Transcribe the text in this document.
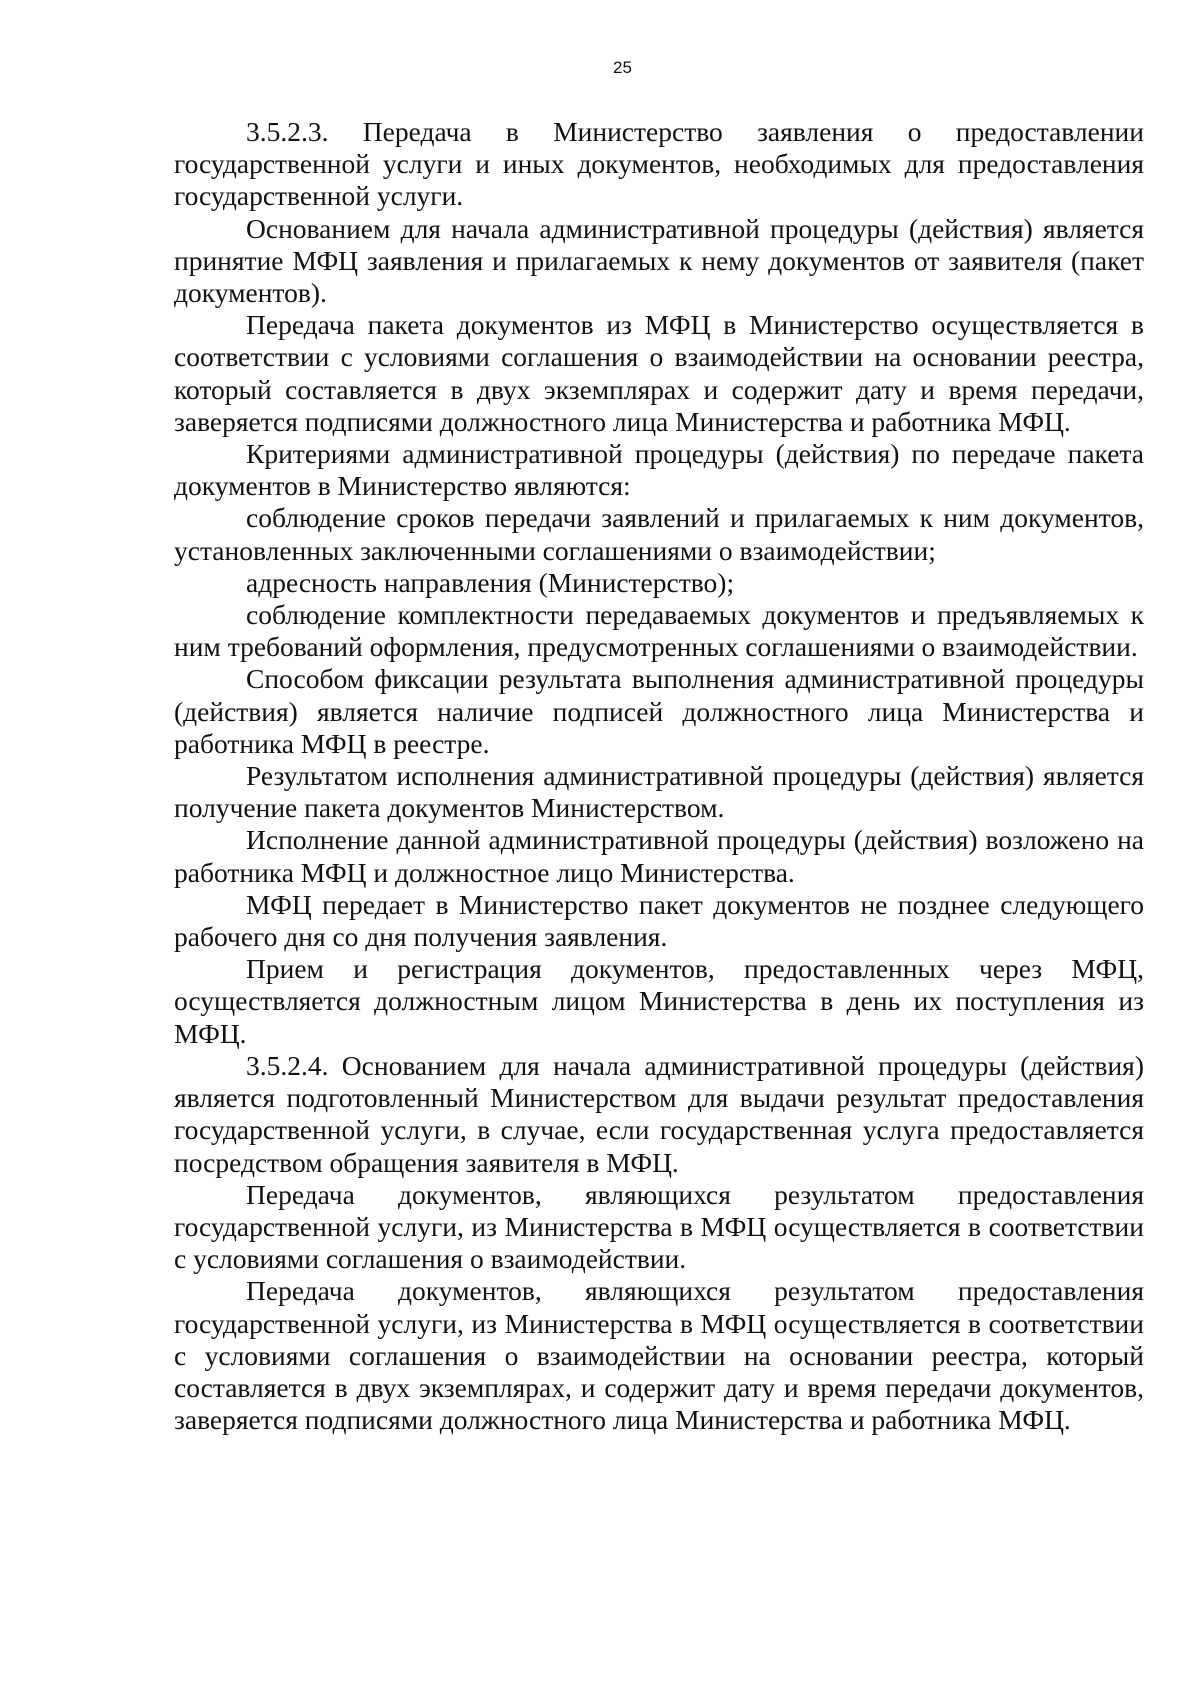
25

3.5.2.3. Передача в Министерство заявления о предоставлении государственной услуги и иных документов, необходимых для предоставления государственной услуги.

Основанием для начала административной процедуры (действия) является принятие МФЦ заявления и прилагаемых к нему документов от заявителя (пакет документов).

Передача пакета документов из МФЦ в Министерство осуществляется в соответствии с условиями соглашения о взаимодействии на основании реестра, который составляется в двух экземплярах и содержит дату и время передачи, заверяется подписями должностного лица Министерства и работника МФЦ.

Критериями административной процедуры (действия) по передаче пакета документов в Министерство являются:

соблюдение сроков передачи заявлений и прилагаемых к ним документов, установленных заключенными соглашениями о взаимодействии;

адресность направления (Министерство);

соблюдение комплектности передаваемых документов и предъявляемых к ним требований оформления, предусмотренных соглашениями о взаимодействии.

Способом фиксации результата выполнения административной процедуры (действия) является наличие подписей должностного лица Министерства и работника МФЦ в реестре.

Результатом исполнения административной процедуры (действия) является получение пакета документов Министерством.

Исполнение данной административной процедуры (действия) возложено на работника МФЦ и должностное лицо Министерства.

МФЦ передает в Министерство пакет документов не позднее следующего рабочего дня со дня получения заявления.

Прием и регистрация документов, предоставленных через МФЦ, осуществляется должностным лицом Министерства в день их поступления из МФЦ.

3.5.2.4. Основанием для начала административной процедуры (действия) является подготовленный Министерством для выдачи результат предоставления государственной услуги, в случае, если государственная услуга предоставляется посредством обращения заявителя в МФЦ.

Передача документов, являющихся результатом предоставления государственной услуги, из Министерства в МФЦ осуществляется в соответствии с условиями соглашения о взаимодействии.

Передача документов, являющихся результатом предоставления государственной услуги, из Министерства в МФЦ осуществляется в соответствии с условиями соглашения о взаимодействии на основании реестра, который составляется в двух экземплярах, и содержит дату и время передачи документов, заверяется подписями должностного лица Министерства и работника МФЦ.
